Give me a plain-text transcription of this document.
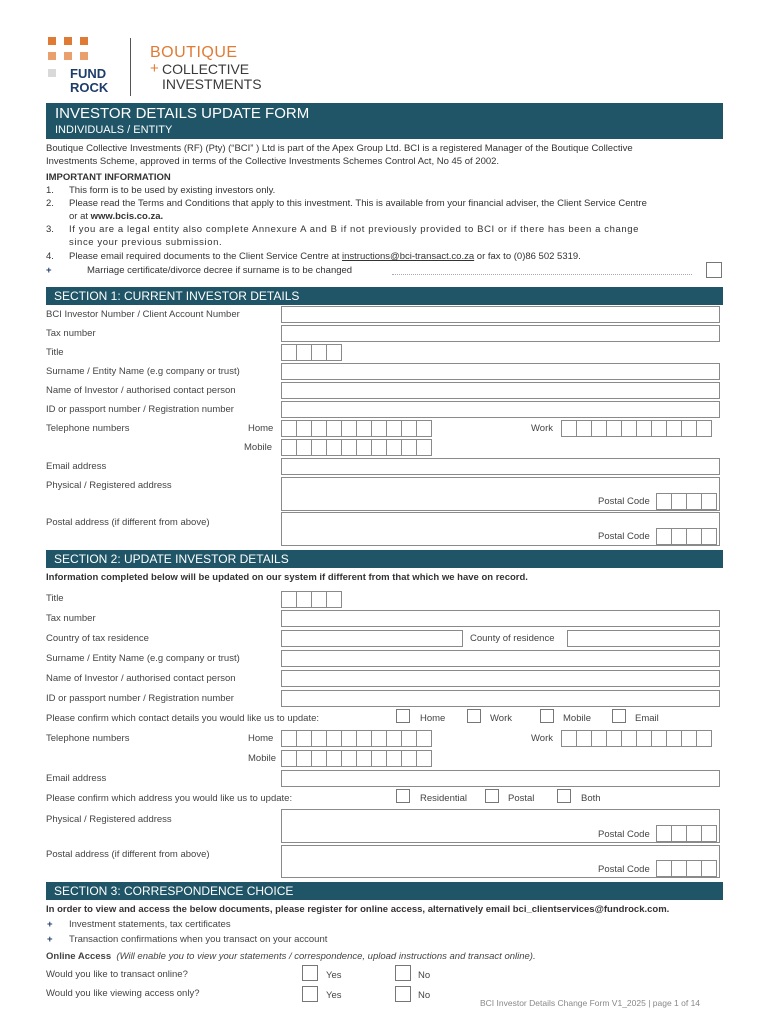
FUND
ROCK
BOUTIQUE
+ COLLECTIVE
INVESTMENTS
INVESTOR DETAILS UPDATE FORM
INDIVIDUALS / ENTITY
Boutique Collective Investments (RF) (Pty) (“BCI” ) Ltd is part of the Apex Group Ltd. BCI is a registered Manager of the Boutique Collective
Investments Scheme, approved in terms of the Collective Investments Schemes Control Act, No 45 of 2002.
IMPORTANT INFORMATION
1. This form is to be used by existing investors only.
2. Please read the Terms and Conditions that apply to this investment. This is available from your financial adviser, the Client Service Centre
or at www.bcis.co.za.
3. If you are a legal entity also complete Annexure A and B if not previously provided to BCI or if there has been a change
since your previous submission.
4. Please email required documents to the Client Service Centre at instructions@bci-transact.co.za or fax to (0)86 502 5319.
+	Marriage certificate/divorce decree if surname is to be changed
SECTION 1: CURRENT INVESTOR DETAILS
BCI Investor Number / Client Account Number
Tax number
Title
Surname / Entity Name (e.g company or trust)
Name of Investor / authorised contact person
ID or passport number / Registration number
Telephone numbers	Home	Work
Mobile
Email address
Physical / Registered address
Postal Code
Postal address (if different from above)
Postal Code
SECTION 2: UPDATE INVESTOR DETAILS
Information completed below will be updated on our system if different from that which we have on record.
Title
Tax number
Country of tax residence	County of residence
Surname / Entity Name (e.g company or trust)
Name of Investor / authorised contact person
ID or passport number / Registration number
Please confirm which contact details you would like us to update:	Home	Work	Mobile	Email
Telephone numbers	Home	Work
Mobile
Email address
Please confirm which address you would like us to update:	Residential	Postal	Both
Physical / Registered address
Postal Code
Postal address (if different from above)
Postal Code
SECTION 3: CORRESPONDENCE CHOICE
In order to view and access the below documents, please register for online access, alternatively email bci_clientservices@fundrock.com.
+ Investment statements, tax certificates
+ Transaction confirmations when you transact on your account
Online Access (Will enable you to view your statements / correspondence, upload instructions and transact online).
Would you like to transact online?	Yes	No
Would you like viewing access only?	Yes	No
BCI Investor Details Change Form V1_2025 | page 1 of 14
